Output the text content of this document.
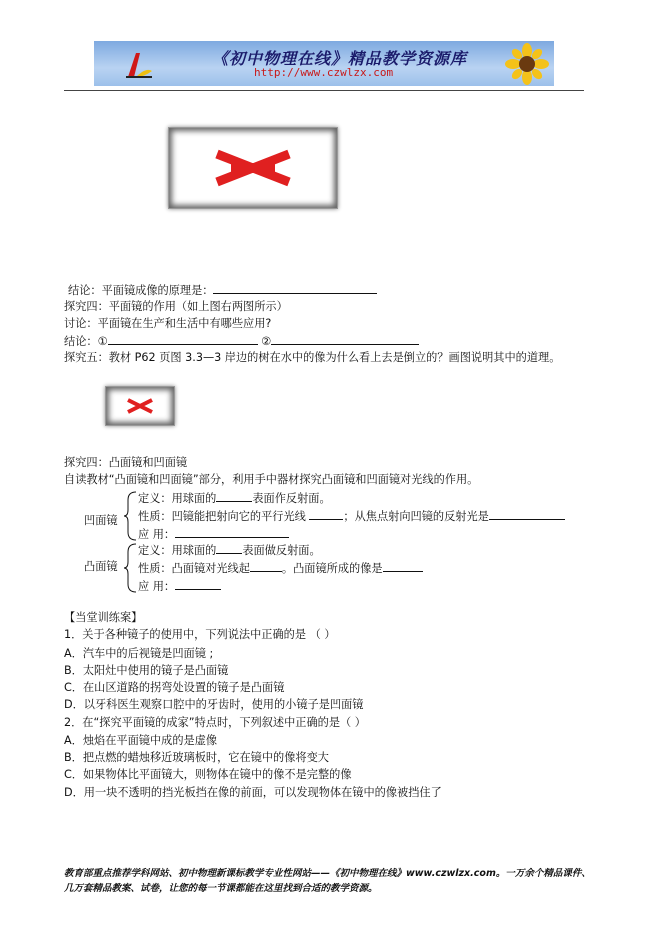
《初中物理在线》精品教学资源库
http://www.czwlzx.com
结论：平面镜成像的原理是：
探究四：平面镜的作用（如上图右两图所示）
讨论：平面镜在生产和生活中有哪些应用?
结论：①	②
探究五：教材 P62 页图 3.3—3 岸边的树在水中的像为什么看上去是倒立的？画图说明其中的道理。
探究四：凸面镜和凹面镜
自读教材“凸面镜和凹面镜”部分，利用手中器材探究凸面镜和凹面镜对光线的作用。
凹面镜
定义：用球面的	表面作反射面。
性质：凹镜能把射向它的平行光线	；从焦点射向凹镜的反射光是
应 用：
凸面镜
定义：用球面的 表面做反射面。
性质：凸面镜对光线起	。凸面镜所成的像是
应 用：
【当堂训练案】
1．关于各种镜子的使用中，下列说法中正确的是 （ ）
A．汽车中的后视镜是凹面镜 ;
B．太阳灶中使用的镜子是凸面镜
C．在山区道路的拐弯处设置的镜子是凸面镜
D．以牙科医生观察口腔中的牙齿时，使用的小镜子是凹面镜
2．在“探究平面镜的成家”特点时，下列叙述中正确的是（ ）
A．烛焰在平面镜中成的是虚像
B．把点燃的蜡烛移近玻璃板时，它在镜中的像将变大
C．如果物体比平面镜大，则物体在镜中的像不是完整的像
D．用一块不透明的挡光板挡在像的前面，可以发现物体在镜中的像被挡住了
教育部重点推荐学科网站、初中物理新课标教学专业性网站——《初中物理在线》www.czwlzx.com。一万余个精品课件、
几万套精品教案、试卷，让您的每一节课都能在这里找到合适的教学资源。
